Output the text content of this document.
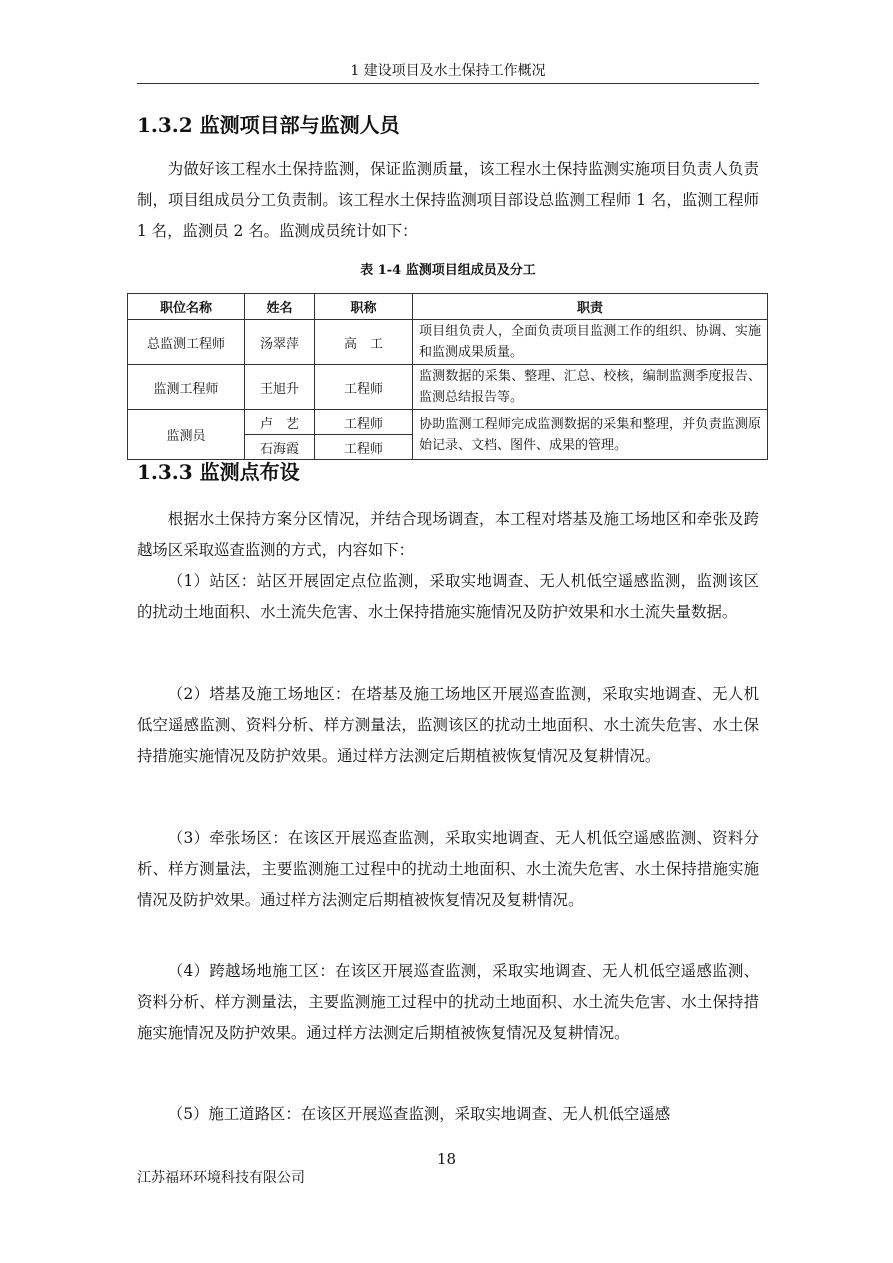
1 建设项目及水土保持工作概况
1.3.2 监测项目部与监测人员

为做好该工程水土保持监测，保证监测质量，该工程水土保持监测实施项目负责人负责制，项目组成员分工负责制。该工程水土保持监测项目部设总监测工程师 1 名，监测工程师 1 名，监测员 2 名。监测成员统计如下：

表 1-4 监测项目组成员及分工
职位名称	姓名	职称	职责
总监测工程师	汤翠萍	高　工	项目组负责人，全面负责项目监测工作的组织、协调、实施和监测成果质量。
监测工程师	王旭升	工程师	监测数据的采集、整理、汇总、校核，编制监测季度报告、监测总结报告等。
监测员	卢　艺	工程师	协助监测工程师完成监测数据的采集和整理，并负责监测原始记录、文档、图件、成果的管理。
	石海霞	工程师	
1.3.3 监测点布设

根据水土保持方案分区情况，并结合现场调查，本工程对塔基及施工场地区和牵张及跨越场区采取巡查监测的方式，内容如下：

（1）站区：站区开展固定点位监测，采取实地调查、无人机低空遥感监测，监测该区的扰动土地面积、水土流失危害、水土保持措施实施情况及防护效果和水土流失量数据。

（2）塔基及施工场地区：在塔基及施工场地区开展巡查监测，采取实地调查、无人机低空遥感监测、资料分析、样方测量法，监测该区的扰动土地面积、水土流失危害、水土保持措施实施情况及防护效果。通过样方法测定后期植被恢复情况及复耕情况。

（3）牵张场区：在该区开展巡查监测，采取实地调查、无人机低空遥感监测、资料分析、样方测量法，主要监测施工过程中的扰动土地面积、水土流失危害、水土保持措施实施情况及防护效果。通过样方法测定后期植被恢复情况及复耕情况。

（4）跨越场地施工区：在该区开展巡查监测，采取实地调查、无人机低空遥感监测、资料分析、样方测量法，主要监测施工过程中的扰动土地面积、水土流失危害、水土保持措施实施情况及防护效果。通过样方法测定后期植被恢复情况及复耕情况。

（5）施工道路区：在该区开展巡查监测，采取实地调查、无人机低空遥感

18
江苏福环环境科技有限公司
